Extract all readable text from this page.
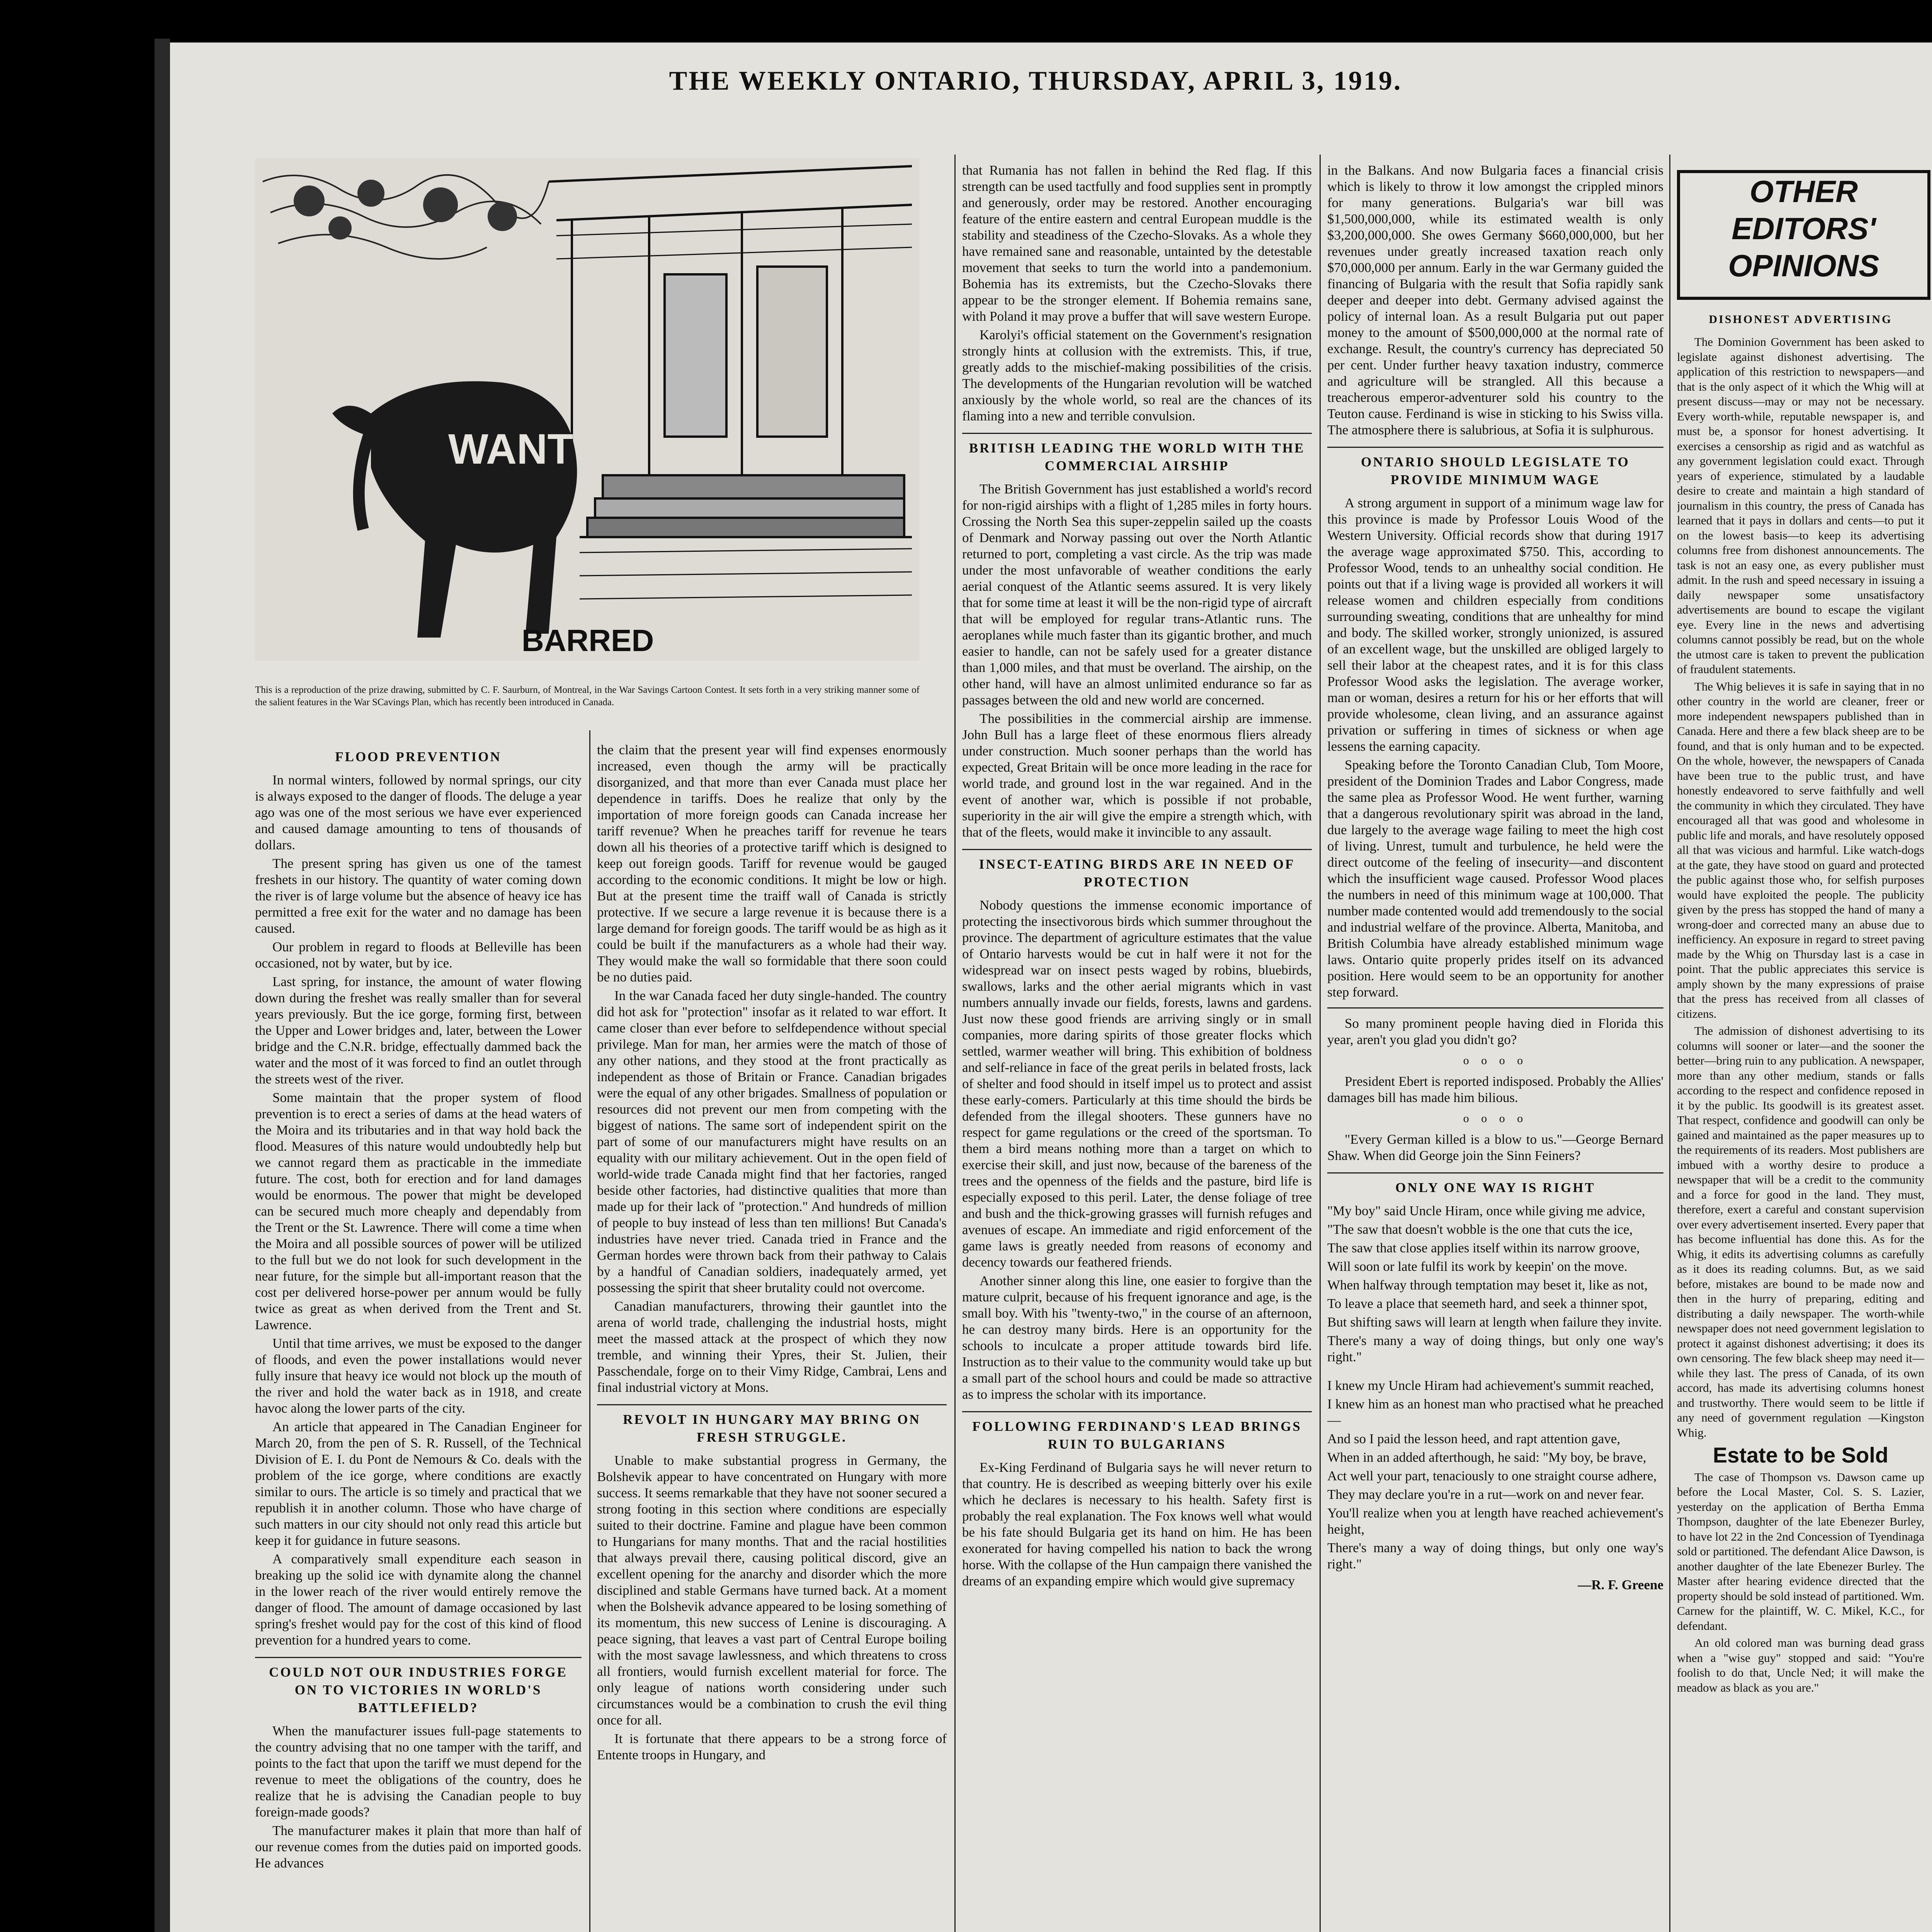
THE WEEKLY ONTARIO, THURSDAY, APRIL 3, 1919.
WANT
BARRED
This is a reproduction of the prize drawing, submitted by C. F. Saurburn, of Montreal, in the War Savings Cartoon Contest. It sets forth in a very striking manner some of the salient features in the War SCavings Plan, which has recently been introduced in Canada.
FLOOD PREVENTION

In normal winters, followed by normal springs, our city is always exposed to the danger of floods. The deluge a year ago was one of the most serious we have ever experienced and caused damage amounting to tens of thousands of dollars.

The present spring has given us one of the tamest freshets in our history. The quantity of water coming down the river is of large volume but the absence of heavy ice has permitted a free exit for the water and no damage has been caused.

Our problem in regard to floods at Belleville has been occasioned, not by water, but by ice.

Last spring, for instance, the amount of water flowing down during the freshet was really smaller than for several years previously. But the ice gorge, forming first, between the Upper and Lower bridges and, later, between the Lower bridge and the C.N.R. bridge, effectually dammed back the water and the most of it was forced to find an outlet through the streets west of the river.

Some maintain that the proper system of flood prevention is to erect a series of dams at the head waters of the Moira and its tributaries and in that way hold back the flood. Measures of this nature would undoubtedly help but we cannot regard them as practicable in the immediate future. The cost, both for erection and for land damages would be enormous. The power that might be developed can be secured much more cheaply and dependably from the Trent or the St. Lawrence. There will come a time when the Moira and all possible sources of power will be utilized to the full but we do not look for such development in the near future, for the simple but all-important reason that the cost per delivered horse-power per annum would be fully twice as great as when derived from the Trent and St. Lawrence.

Until that time arrives, we must be exposed to the danger of floods, and even the power installations would never fully insure that heavy ice would not block up the mouth of the river and hold the water back as in 1918, and create havoc along the lower parts of the city.

An article that appeared in The Canadian Engineer for March 20, from the pen of S. R. Russell, of the Technical Division of E. I. du Pont de Nemours & Co. deals with the problem of the ice gorge, where conditions are exactly similar to ours. The article is so timely and practical that we republish it in another column. Those who have charge of such matters in our city should not only read this article but keep it for guidance in future seasons.

A comparatively small expenditure each season in breaking up the solid ice with dynamite along the channel in the lower reach of the river would entirely remove the danger of flood. The amount of damage occasioned by last spring's freshet would pay for the cost of this kind of flood prevention for a hundred years to come.

COULD NOT OUR INDUSTRIES FORGE ON TO VICTORIES IN WORLD'S BATTLEFIELD?

When the manufacturer issues full-page statements to the country advising that no one tamper with the tariff, and points to the fact that upon the tariff we must depend for the revenue to meet the obligations of the country, does he realize that he is advising the Canadian people to buy foreign-made goods?

The manufacturer makes it plain that more than half of our revenue comes from the duties paid on imported goods. He advances

the claim that the present year will find expenses enormously increased, even though the army will be practically disorganized, and that more than ever Canada must place her dependence in tariffs. Does he realize that only by the importation of more foreign goods can Canada increase her tariff revenue? When he preaches tariff for revenue he tears down all his theories of a protective tariff which is designed to keep out foreign goods. Tariff for revenue would be gauged according to the economic conditions. It might be low or high. But at the present time the traiff wall of Canada is strictly protective. If we secure a large revenue it is because there is a large demand for foreign goods. The tariff would be as high as it could be built if the manufacturers as a whole had their way. They would make the wall so formidable that there soon could be no duties paid.

In the war Canada faced her duty single-handed. The country did hot ask for "protection" insofar as it related to war effort. It came closer than ever before to selfdependence without special privilege. Man for man, her armies were the match of those of any other nations, and they stood at the front practically as independent as those of Britain or France. Canadian brigades were the equal of any other brigades. Smallness of population or resources did not prevent our men from competing with the biggest of nations. The same sort of independent spirit on the part of some of our manufacturers might have results on an equality with our military achievement. Out in the open field of world-wide trade Canada might find that her factories, ranged beside other factories, had distinctive qualities that more than made up for their lack of "protection." And hundreds of million of people to buy instead of less than ten millions! But Canada's industries have never tried. Canada tried in France and the German hordes were thrown back from their pathway to Calais by a handful of Canadian soldiers, inadequately armed, yet possessing the spirit that sheer brutality could not overcome.

Canadian manufacturers, throwing their gauntlet into the arena of world trade, challenging the industrial hosts, might meet the massed attack at the prospect of which they now tremble, and winning their Ypres, their St. Julien, their Passchendale, forge on to their Vimy Ridge, Cambrai, Lens and final industrial victory at Mons.

REVOLT IN HUNGARY MAY BRING ON FRESH STRUGGLE.

Unable to make substantial progress in Germany, the Bolshevik appear to have concentrated on Hungary with more success. It seems remarkable that they have not sooner secured a strong footing in this section where conditions are especially suited to their doctrine. Famine and plague have been common to Hungarians for many months. That and the racial hostilities that always prevail there, causing political discord, give an excellent opening for the anarchy and disorder which the more disciplined and stable Germans have turned back. At a moment when the Bolshevik advance appeared to be losing something of its momentum, this new success of Lenine is discouraging. A peace signing, that leaves a vast part of Central Europe boiling with the most savage lawlessness, and which threatens to cross all frontiers, would furnish excellent material for force. The only league of nations worth considering under such circumstances would be a combination to crush the evil thing once for all.

It is fortunate that there appears to be a strong force of Entente troops in Hungary, and

that Rumania has not fallen in behind the Red flag. If this strength can be used tactfully and food supplies sent in promptly and generously, order may be restored. Another encouraging feature of the entire eastern and central European muddle is the stability and steadiness of the Czecho-Slovaks. As a whole they have remained sane and reasonable, untainted by the detestable movement that seeks to turn the world into a pandemonium. Bohemia has its extremists, but the Czecho-Slovaks there appear to be the stronger element. If Bohemia remains sane, with Poland it may prove a buffer that will save western Europe.

Karolyi's official statement on the Government's resignation strongly hints at collusion with the extremists. This, if true, greatly adds to the mischief-making possibilities of the crisis. The developments of the Hungarian revolution will be watched anxiously by the whole world, so real are the chances of its flaming into a new and terrible convulsion.

BRITISH LEADING THE WORLD WITH THE COMMERCIAL AIRSHIP

The British Government has just established a world's record for non-rigid airships with a flight of 1,285 miles in forty hours. Crossing the North Sea this super-zeppelin sailed up the coasts of Denmark and Norway passing out over the North Atlantic returned to port, completing a vast circle. As the trip was made under the most unfavorable of weather conditions the early aerial conquest of the Atlantic seems assured. It is very likely that for some time at least it will be the non-rigid type of aircraft that will be employed for regular trans-Atlantic runs. The aeroplanes while much faster than its gigantic brother, and much easier to handle, can not be safely used for a greater distance than 1,000 miles, and that must be overland. The airship, on the other hand, will have an almost unlimited endurance so far as passages between the old and new world are concerned.

The possibilities in the commercial airship are immense. John Bull has a large fleet of these enormous fliers already under construction. Much sooner perhaps than the world has expected, Great Britain will be once more leading in the race for world trade, and ground lost in the war regained. And in the event of another war, which is possible if not probable, superiority in the air will give the empire a strength which, with that of the fleets, would make it invincible to any assault.

INSECT-EATING BIRDS ARE IN NEED OF PROTECTION

Nobody questions the immense economic importance of protecting the insectivorous birds which summer throughout the province. The department of agriculture estimates that the value of Ontario harvests would be cut in half were it not for the widespread war on insect pests waged by robins, bluebirds, swallows, larks and the other aerial migrants which in vast numbers annually invade our fields, forests, lawns and gardens. Just now these good friends are arriving singly or in small companies, more daring spirits of those greater flocks which settled, warmer weather will bring. This exhibition of boldness and self-reliance in face of the great perils in belated frosts, lack of shelter and food should in itself impel us to protect and assist these early-comers. Particularly at this time should the birds be defended from the illegal shooters. These gunners have no respect for game regulations or the creed of the sportsman. To them a bird means nothing more than a target on which to exercise their skill, and just now, because of the bareness of the trees and the openness of the fields and the pasture, bird life is especially exposed to this peril. Later, the dense foliage of tree and bush and the thick-growing grasses will furnish refuges and avenues of escape. An immediate and rigid enforcement of the game laws is greatly needed from reasons of economy and decency towards our feathered friends.

Another sinner along this line, one easier to forgive than the mature culprit, because of his frequent ignorance and age, is the small boy. With his "twenty-two," in the course of an afternoon, he can destroy many birds. Here is an opportunity for the schools to inculcate a proper attitude towards bird life. Instruction as to their value to the community would take up but a small part of the school hours and could be made so attractive as to impress the scholar with its importance.

FOLLOWING FERDINAND'S LEAD BRINGS RUIN TO BULGARIANS

Ex-King Ferdinand of Bulgaria says he will never return to that country. He is described as weeping bitterly over his exile which he declares is necessary to his health. Safety first is probably the real explanation. The Fox knows well what would be his fate should Bulgaria get its hand on him. He has been exonerated for having compelled his nation to back the wrong horse. With the collapse of the Hun campaign there vanished the dreams of an expanding empire which would give supremacy

in the Balkans. And now Bulgaria faces a financial crisis which is likely to throw it low amongst the crippled minors for many generations. Bulgaria's war bill was $1,500,000,000, while its estimated wealth is only $3,200,000,000. She owes Germany $660,000,000, but her revenues under greatly increased taxation reach only $70,000,000 per annum. Early in the war Germany guided the financing of Bulgaria with the result that Sofia rapidly sank deeper and deeper into debt. Germany advised against the policy of internal loan. As a result Bulgaria put out paper money to the amount of $500,000,000 at the normal rate of exchange. Result, the country's currency has depreciated 50 per cent. Under further heavy taxation industry, commerce and agriculture will be strangled. All this because a treacherous emperor-adventurer sold his country to the Teuton cause. Ferdinand is wise in sticking to his Swiss villa. The atmosphere there is salubrious, at Sofia it is sulphurous.

ONTARIO SHOULD LEGISLATE TO PROVIDE MINIMUM WAGE

A strong argument in support of a minimum wage law for this province is made by Professor Louis Wood of the Western University. Official records show that during 1917 the average wage approximated $750. This, according to Professor Wood, tends to an unhealthy social condition. He points out that if a living wage is provided all workers it will release women and children especially from conditions surrounding sweating, conditions that are unhealthy for mind and body. The skilled worker, strongly unionized, is assured of an excellent wage, but the unskilled are obliged largely to sell their labor at the cheapest rates, and it is for this class Professor Wood asks the legislation. The average worker, man or woman, desires a return for his or her efforts that will provide wholesome, clean living, and an assurance against privation or suffering in times of sickness or when age lessens the earning capacity.

Speaking before the Toronto Canadian Club, Tom Moore, president of the Dominion Trades and Labor Congress, made the same plea as Professor Wood. He went further, warning that a dangerous revolutionary spirit was abroad in the land, due largely to the average wage failing to meet the high cost of living. Unrest, tumult and turbulence, he held were the direct outcome of the feeling of insecurity—and discontent which the insufficient wage caused. Professor Wood places the numbers in need of this minimum wage at 100,000. That number made contented would add tremendously to the social and industrial welfare of the province. Alberta, Manitoba, and British Columbia have already established minimum wage laws. Ontario quite properly prides itself on its advanced position. Here would seem to be an opportunity for another step forward.

So many prominent people having died in Florida this year, aren't you glad you didn't go?

o o o o

President Ebert is reported indisposed. Probably the Allies' damages bill has made him bilious.

o o o o

"Every German killed is a blow to us."—George Bernard Shaw. When did George join the Sinn Feiners?

ONLY ONE WAY IS RIGHT

"My boy" said Uncle Hiram, once while giving me advice,

"The saw that doesn't wobble is the one that cuts the ice,

The saw that close applies itself within its narrow groove,

Will soon or late fulfil its work by keepin' on the move.

When halfway through temptation may beset it, like as not,

To leave a place that seemeth hard, and seek a thinner spot,

But shifting saws will learn at length when failure they invite.

There's many a way of doing things, but only one way's right."

I knew my Uncle Hiram had achievement's summit reached,

I knew him as an honest man who practised what he preached—

And so I paid the lesson heed, and rapt attention gave,

When in an added afterthough, he said: "My boy, be brave,

Act well your part, tenaciously to one straight course adhere,

They may declare you're in a rut—work on and never fear.

You'll realize when you at length have reached achievement's height,

There's many a way of doing things, but only one way's right."

—R. F. Greene
OTHER
EDITORS'
OPINIONS
DISHONEST ADVERTISING

The Dominion Government has been asked to legislate against dishonest advertising. The application of this restriction to newspapers—and that is the only aspect of it which the Whig will at present discuss—may or may not be necessary. Every worth-while, reputable newspaper is, and must be, a sponsor for honest advertising. It exercises a censorship as rigid and as watchful as any government legislation could exact. Through years of experience, stimulated by a laudable desire to create and maintain a high standard of journalism in this country, the press of Canada has learned that it pays in dollars and cents—to put it on the lowest basis—to keep its advertising columns free from dishonest announcements. The task is not an easy one, as every publisher must admit. In the rush and speed necessary in issuing a daily newspaper some unsatisfactory advertisements are bound to escape the vigilant eye. Every line in the news and advertising columns cannot possibly be read, but on the whole the utmost care is taken to prevent the publication of fraudulent statements.

The Whig believes it is safe in saying that in no other country in the world are cleaner, freer or more independent newspapers published than in Canada. Here and there a few black sheep are to be found, and that is only human and to be expected. On the whole, however, the newspapers of Canada have been true to the public trust, and have honestly endeavored to serve faithfully and well the community in which they circulated. They have encouraged all that was good and wholesome in public life and morals, and have resolutely opposed all that was vicious and harmful. Like watch-dogs at the gate, they have stood on guard and protected the public against those who, for selfish purposes would have exploited the people. The publicity given by the press has stopped the hand of many a wrong-doer and corrected many an abuse due to inefficiency. An exposure in regard to street paving made by the Whig on Thursday last is a case in point. That the public appreciates this service is amply shown by the many expressions of praise that the press has received from all classes of citizens.

The admission of dishonest advertising to its columns will sooner or later—and the sooner the better—bring ruin to any publication. A newspaper, more than any other medium, stands or falls according to the respect and confidence reposed in it by the public. Its goodwill is its greatest asset. That respect, confidence and goodwill can only be gained and maintained as the paper measures up to the requirements of its readers. Most publishers are imbued with a worthy desire to produce a newspaper that will be a credit to the community and a force for good in the land. They must, therefore, exert a careful and constant supervision over every advertisement inserted. Every paper that has become influential has done this. As for the Whig, it edits its advertising columns as carefully as it does its reading columns. But, as we said before, mistakes are bound to be made now and then in the hurry of preparing, editing and distributing a daily newspaper. The worth-while newspaper does not need government legislation to protect it against dishonest advertising; it does its own censoring. The few black sheep may need it—while they last. The press of Canada, of its own accord, has made its advertising columns honest and trustworthy. There would seem to be little if any need of government regulation —Kingston Whig.

Estate to be Sold

The case of Thompson vs. Dawson came up before the Local Master, Col. S. S. Lazier, yesterday on the application of Bertha Emma Thompson, daughter of the late Ebenezer Burley, to have lot 22 in the 2nd Concession of Tyendinaga sold or partitioned. The defendant Alice Dawson, is another daughter of the late Ebenezer Burley. The Master after hearing evidence directed that the property should be sold instead of partitioned. Wm. Carnew for the plaintiff, W. C. Mikel, K.C., for defendant.

An old colored man was burning dead grass when a "wise guy" stopped and said: "You're foolish to do that, Uncle Ned; it will make the meadow as black as you are."
